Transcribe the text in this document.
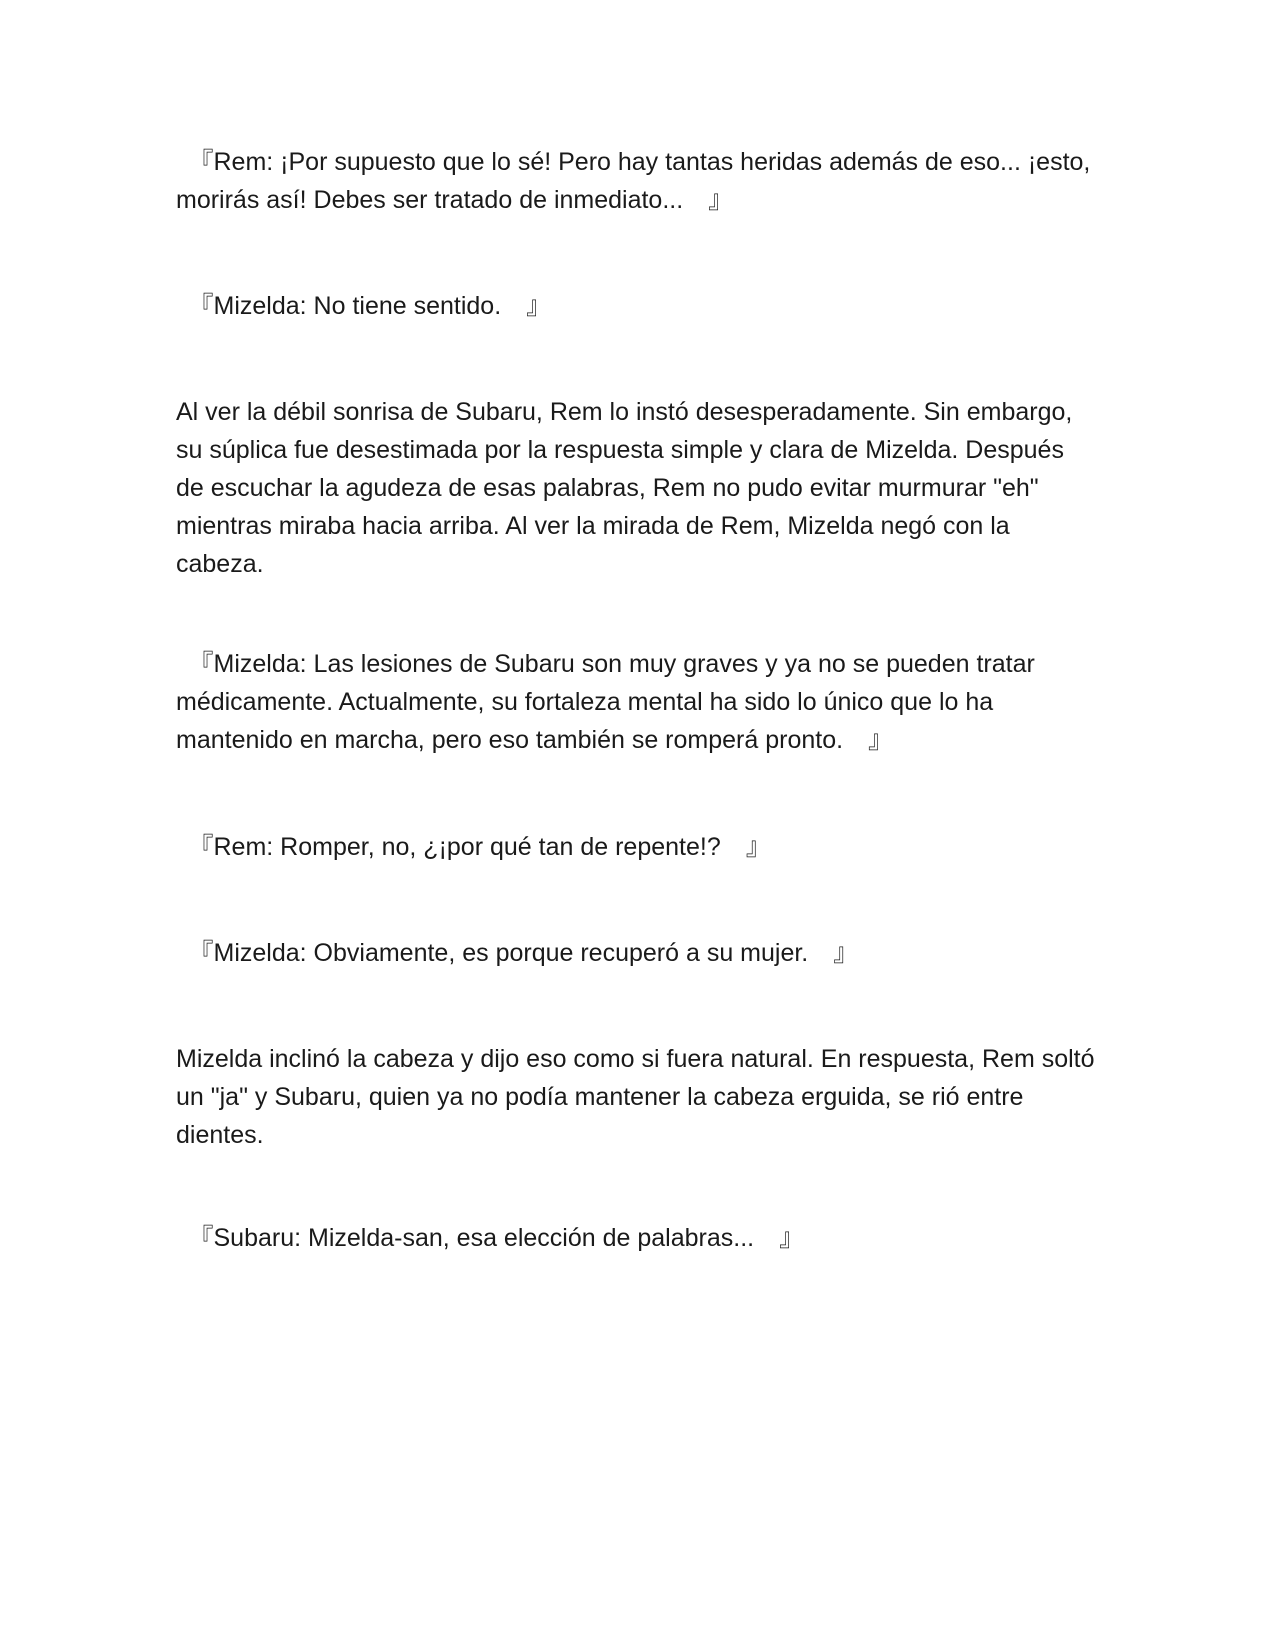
　『Rem: ¡Por supuesto que lo sé! Pero hay tantas heridas además de eso... ¡esto, morirás así! Debes ser tratado de inmediato...　』

　『Mizelda: No tiene sentido.　』

Al ver la débil sonrisa de Subaru, Rem lo instó desesperadamente. Sin embargo, su súplica fue desestimada por la respuesta simple y clara de Mizelda. Después de escuchar la agudeza de esas palabras, Rem no pudo evitar murmurar "eh" mientras miraba hacia arriba. Al ver la mirada de Rem, Mizelda negó con la cabeza.

　『Mizelda: Las lesiones de Subaru son muy graves y ya no se pueden tratar médicamente. Actualmente, su fortaleza mental ha sido lo único que lo ha mantenido en marcha, pero eso también se romperá pronto.　』

　『Rem: Romper, no, ¿¡por qué tan de repente!?　』

　『Mizelda: Obviamente, es porque recuperó a su mujer.　』

Mizelda inclinó la cabeza y dijo eso como si fuera natural. En respuesta, Rem soltó un "ja" y Subaru, quien ya no podía mantener la cabeza erguida, se rió entre dientes.

　『Subaru: Mizelda-san, esa elección de palabras...　』
